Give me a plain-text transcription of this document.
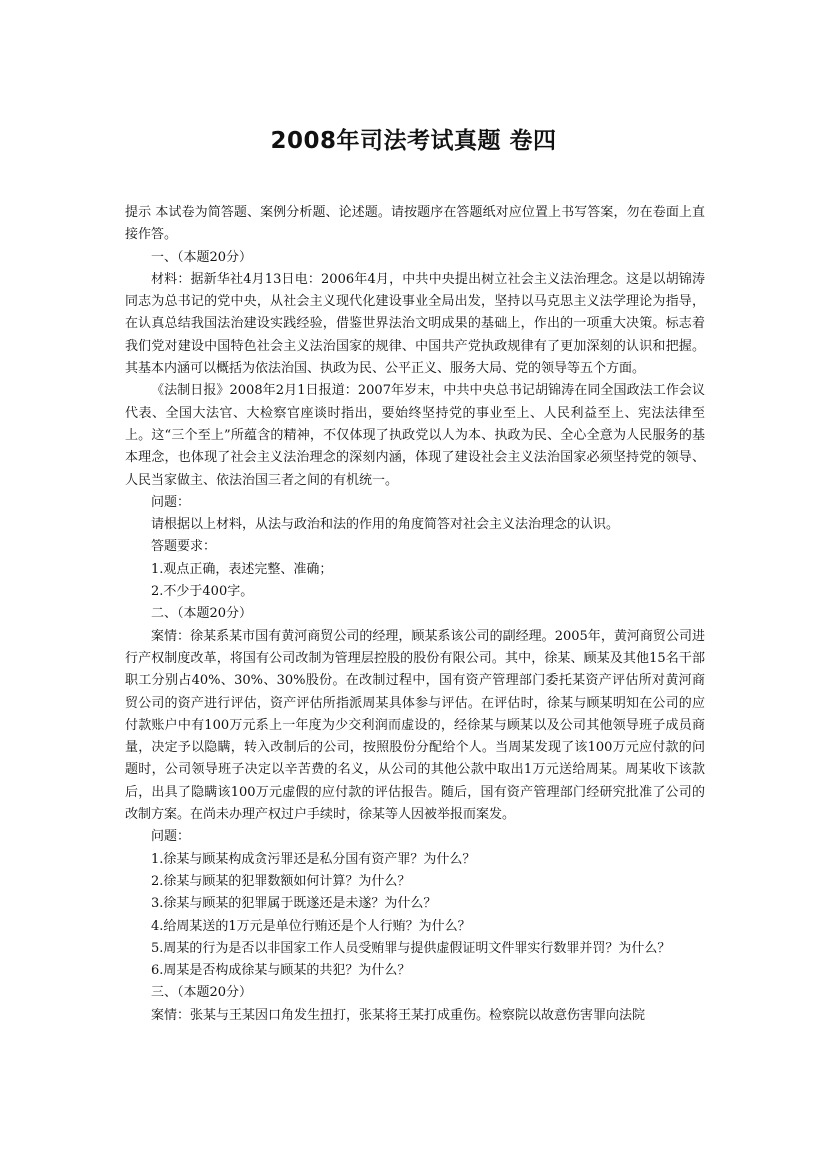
2008年司法考试真题 卷四

提示 本试卷为简答题、案例分析题、论述题。请按题序在答题纸对应位置上书写答案，勿在卷面上直接作答。

一、（本题20分）

材料：据新华社4月13日电：2006年4月，中共中央提出树立社会主义法治理念。这是以胡锦涛同志为总书记的党中央，从社会主义现代化建设事业全局出发，坚持以马克思主义法学理论为指导，在认真总结我国法治建设实践经验，借鉴世界法治文明成果的基础上，作出的一项重大决策。标志着我们党对建设中国特色社会主义法治国家的规律、中国共产党执政规律有了更加深刻的认识和把握。其基本内涵可以概括为依法治国、执政为民、公平正义、服务大局、党的领导等五个方面。

《法制日报》2008年2月1日报道：2007年岁末，中共中央总书记胡锦涛在同全国政法工作会议代表、全国大法官、大检察官座谈时指出，要始终坚持党的事业至上、人民利益至上、宪法法律至上。这“三个至上”所蕴含的精神，不仅体现了执政党以人为本、执政为民、全心全意为人民服务的基本理念，也体现了社会主义法治理念的深刻内涵，体现了建设社会主义法治国家必须坚持党的领导、人民当家做主、依法治国三者之间的有机统一。

问题：

请根据以上材料，从法与政治和法的作用的角度简答对社会主义法治理念的认识。

答题要求：

1.观点正确，表述完整、准确；

2.不少于400字。

二、（本题20分）

案情：徐某系某市国有黄河商贸公司的经理，顾某系该公司的副经理。2005年，黄河商贸公司进行产权制度改革，将国有公司改制为管理层控股的股份有限公司。其中，徐某、顾某及其他15名干部职工分别占40%、30%、30%股份。在改制过程中，国有资产管理部门委托某资产评估所对黄河商贸公司的资产进行评估，资产评估所指派周某具体参与评估。在评估时，徐某与顾某明知在公司的应付款账户中有100万元系上一年度为少交利润而虚设的，经徐某与顾某以及公司其他领导班子成员商量，决定予以隐瞒，转入改制后的公司，按照股份分配给个人。当周某发现了该100万元应付款的问题时，公司领导班子决定以辛苦费的名义，从公司的其他公款中取出1万元送给周某。周某收下该款后，出具了隐瞒该100万元虚假的应付款的评估报告。随后，国有资产管理部门经研究批准了公司的改制方案。在尚未办理产权过户手续时，徐某等人因被举报而案发。

问题：

1.徐某与顾某构成贪污罪还是私分国有资产罪？为什么？

2.徐某与顾某的犯罪数额如何计算？为什么？

3.徐某与顾某的犯罪属于既遂还是未遂？为什么？

4.给周某送的1万元是单位行贿还是个人行贿？为什么？

5.周某的行为是否以非国家工作人员受贿罪与提供虚假证明文件罪实行数罪并罚？为什么？

6.周某是否构成徐某与顾某的共犯？为什么？

三、（本题20分）

案情：张某与王某因口角发生扭打，张某将王某打成重伤。检察院以故意伤害罪向法院
